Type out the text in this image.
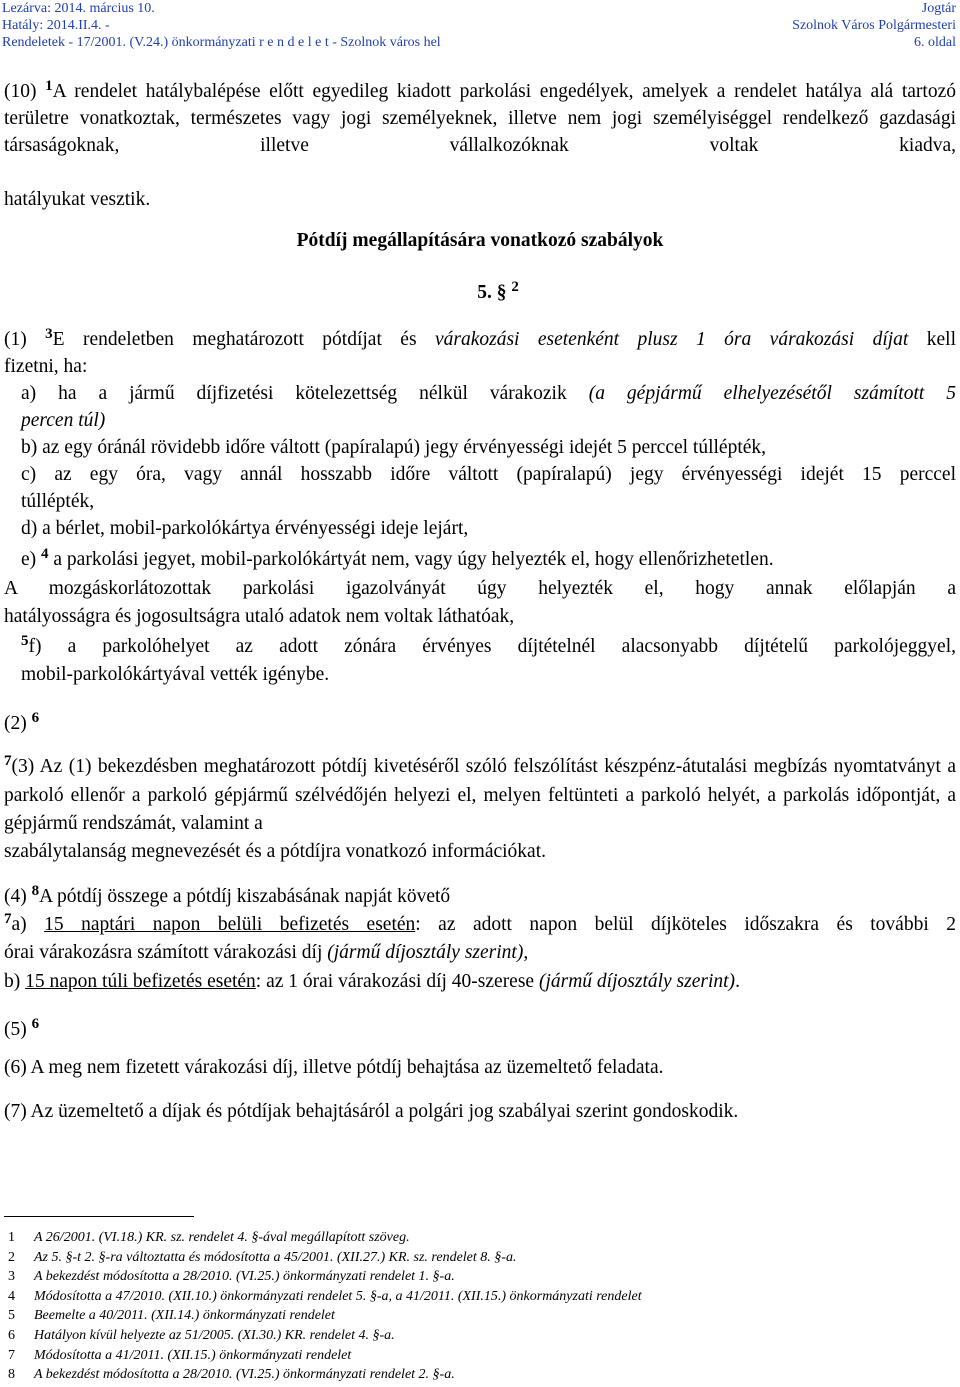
Lezárva: 2014. március 10.	Jogtár
Hatály: 2014.II.4. -	Szolnok Város Polgármesteri
Rendeletek - 17/2001. (V.24.) önkormányzati r e n d e l e t - Szolnok város hel	6. oldal
(10) $^1$A rendelet hatálybalépése előtt egyedileg kiadott parkolási engedélyek, amelyek a rendelet hatálya alá tartozó területre vonatkoztak, természetes vagy jogi személyeknek, illetve nem jogi személyiséggel rendelkező gazdasági társaságoknak, illetve vállalkozóknak voltak kiadva,
hatályukat vesztik.
Pótdíj megállapítására vonatkozó szabályok
5. § $^2$
(1) $^3$E rendeletben meghatározott pótdíjat és várakozási esetenként plusz 1 óra várakozási díjat kell
fizetni, ha:
a) ha a jármű díjfizetési kötelezettség nélkül várakozik (a gépjármű elhelyezésétől számított 5
percen túl)
b) az egy óránál rövidebb időre váltott (papíralapú) jegy érvényességi idejét 5 perccel túllépték,
c) az egy óra, vagy annál hosszabb időre váltott (papíralapú) jegy érvényességi idejét 15 perccel
túllépték,
d) a bérlet, mobil-parkolókártya érvényességi ideje lejárt,
e) $^4$ a parkolási jegyet, mobil-parkolókártyát nem, vagy úgy helyezték el, hogy ellenőrizhetetlen.
A mozgáskorlátozottak parkolási igazolványát úgy helyezték el, hogy annak előlapján a
hatályosságra és jogosultságra utaló adatok nem voltak láthatóak,
$^5$f) a parkolóhelyet az adott zónára érvényes díjtételnél alacsonyabb díjtételű parkolójeggyel,
mobil-parkolókártyával vették igénybe.
(2) $^6$
$^7$(3) Az (1) bekezdésben meghatározott pótdíj kivetéséről szóló felszólítást készpénz-átutalási megbízás nyomtatványt a parkoló ellenőr a parkoló gépjármű szélvédőjén helyezi el, melyen feltünteti a parkoló helyét, a parkolás időpontját, a gépjármű rendszámát, valamint a
szabálytalanság megnevezését és a pótdíjra vonatkozó információkat.
(4) $^8$A pótdíj összege a pótdíj kiszabásának napját követő
$^7$a) 15 naptári napon belüli befizetés esetén: az adott napon belül díjköteles időszakra és további 2
órai várakozásra számított várakozási díj (jármű díjosztály szerint),
b) 15 napon túli befizetés esetén: az 1 órai várakozási díj 40-szerese (jármű díjosztály szerint).
(5) $^6$
(6) A meg nem fizetett várakozási díj, illetve pótdíj behajtása az üzemeltető feladata.
(7) Az üzemeltető a díjak és pótdíjak behajtásáról a polgári jog szabályai szerint gondoskodik.
1 A 26/2001. (VI.18.) KR. sz. rendelet 4. §-ával megállapított szöveg.
2 Az 5. §-t 2. §-ra változtatta és módosította a 45/2001. (XII.27.) KR. sz. rendelet 8. §-a.
3 A bekezdést módosította a 28/2010. (VI.25.) önkormányzati rendelet 1. §-a.
4 Módosította a 47/2010. (XII.10.) önkormányzati rendelet 5. §-a, a 41/2011. (XII.15.) önkormányzati rendelet
5 Beemelte a 40/2011. (XII.14.) önkormányzati rendelet
6 Hatályon kívül helyezte az 51/2005. (XI.30.) KR. rendelet 4. §-a.
7 Módosította a 41/2011. (XII.15.) önkormányzati rendelet
8 A bekezdést módosította a 28/2010. (VI.25.) önkormányzati rendelet 2. §-a.
